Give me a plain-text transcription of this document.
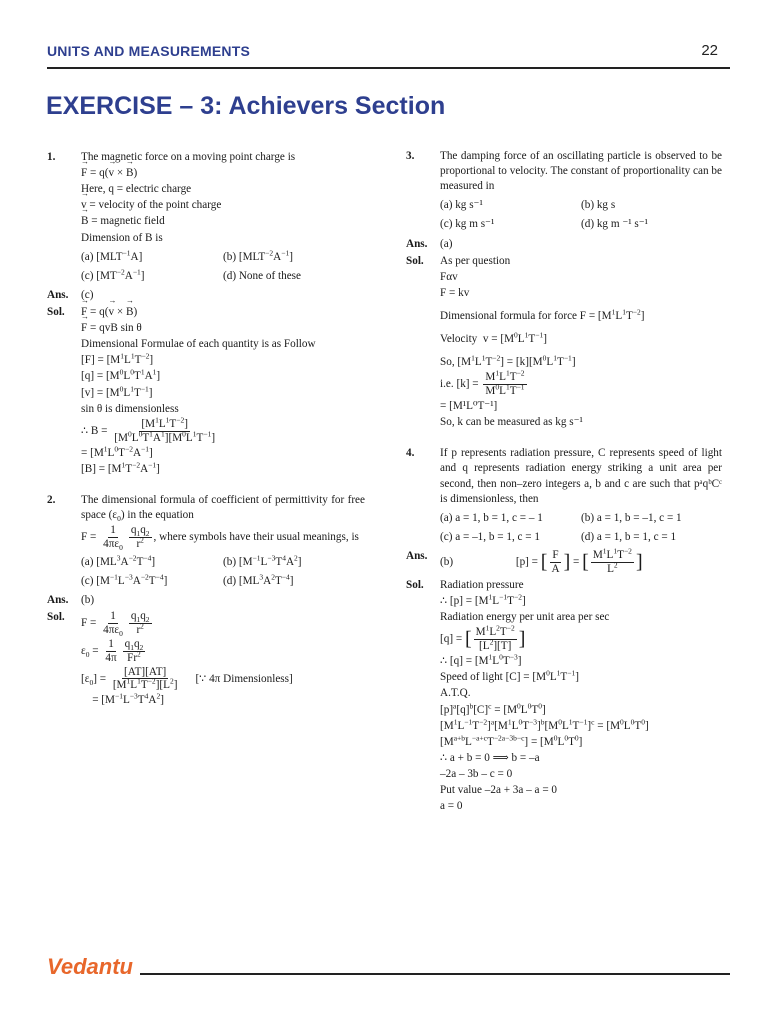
UNITS AND MEASUREMENTS	22
EXERCISE – 3: Achievers Section
1. The magnetic force on a moving point charge is
→ F = q(→ v × → B)
Here, q = electric charge
→ v = velocity of the point charge
→ B = magnetic field
Dimension of B is
(a) $[MLT^{-1}A]$	(b) $[MLT^{-2}A^{-1}]$
(c) $[MT^{-2}A^{-1}]$	(d) None of these
Ans. (c)
Sol.
→ F = q(→ v × → B)
→ F = qvB sin θ
Dimensional Formulae of each quantity is as Follow
$[F] = [M^1L^1T^{-2}]$
$[q] = [M^0L^0T^1A^1]$
$[v] = [M^0L^1T^{-1}]$
sin θ is dimensionless
∴ $B = \frac{[M^1L^1T^{-2}]}{[M^0L^0T^1A^1][M^0L^1T^{-1}]}$
= $[M^1L^0T^{-2}A^{-1}]$
$[B] = [M^1T^{-2}A^{-1}]$
2. The dimensional formula of coefficient of permittivity for free space $(\varepsilon_0)$ in the equation
$F = \frac{1}{4\pi\varepsilon_0} \frac{q_1q_2}{r^2}$ , where symbols have their usual meanings, is
(a) $[ML^3A^{-2}T^{-4}]$	(b) $[M^{-1}L^{-3}T^4A^2]$
(c) $[M^{-1}L^{-3}A^{-2}T^{-4}]$	(d) $[ML^3A^2T^{-4}]$
Ans. (b)
Sol. $F = \frac{1}{4\pi\varepsilon_0} \frac{q_1q_2}{r^2}$
$\varepsilon_0 = \frac{1}{4\pi} \frac{q_1q_2}{Fr^2}$
$[\varepsilon_0] = \frac{[AT][AT]}{[M^1L^1T^{-2}][L^2]}$ [∵ 4π Dimensionless]
= $[M^{-1}L^{-3}T^4A^2]$
3. The damping force of an oscillating particle is observed to be proportional to velocity. The constant of proportionality can be measured in
(a) kg s⁻¹	(b) kg s
(c) kg m s⁻¹	(d) kg m ⁻¹ s⁻¹
Ans. (a)
Sol. As per question
Fαv
F = kv
Dimensional formula for force $F = [M^1L^1T^{-2}]$
Velocity  $v = [M^0L^1T^{-1}]$
So, $[M^1L^1T^{-2}] = [k][M^0L^1T^{-1}]$
i.e. $[k] = \frac{M^1L^1T^{-2}}{M^0L^1T^{-1}}$
= [M¹L⁰T⁻¹]
So, k can be measured as kg s⁻¹
4. If p represents radiation pressure, C represents speed of light and q represents radiation energy striking a unit area per second, then non–zero integers a, b and c are such that pᵃqᵇCᶜ is dimensionless, then
(a) a = 1, b = 1, c = – 1	(b) a = 1, b = –1, c = 1
(c) a = –1, b = 1, c = 1	(d) a = 1, b = 1, c = 1
Ans.
(b)	[p] = [ $\frac{F}{A}$ ] = [ $\frac{M^1L^1T^{-2}}{L^2}$ ]
Sol. Radiation pressure
∴ $[p] = [M^1L^{-1}T^{-2}]$
Radiation energy per unit area per sec
[q] = [ $\frac{M^1L^2T^{-2}}{[L^2][T]}$ ]
∴ $[q] = [M^1L^0T^{-3}]$
Speed of light $[C] = [M^0L^1T^{-1}]$
A.T.Q.
$[p]^a[q]^b[C]^c = [M^0L^0T^0]$
$[M^1L^{-1}T^{-2}]^a[M^1L^0T^{-3}]^b[M^0L^1T^{-1}]^c = [M^0L^0T^0]$
$[M^{a+b}L^{-a+c}T^{-2a-3b-c}] = [M^0L^0T^0]$
∴ a + b = 0 ⟹ b = –a
–2a – 3b – c = 0
Put value –2a + 3a – a = 0
a = 0
Vedantu
